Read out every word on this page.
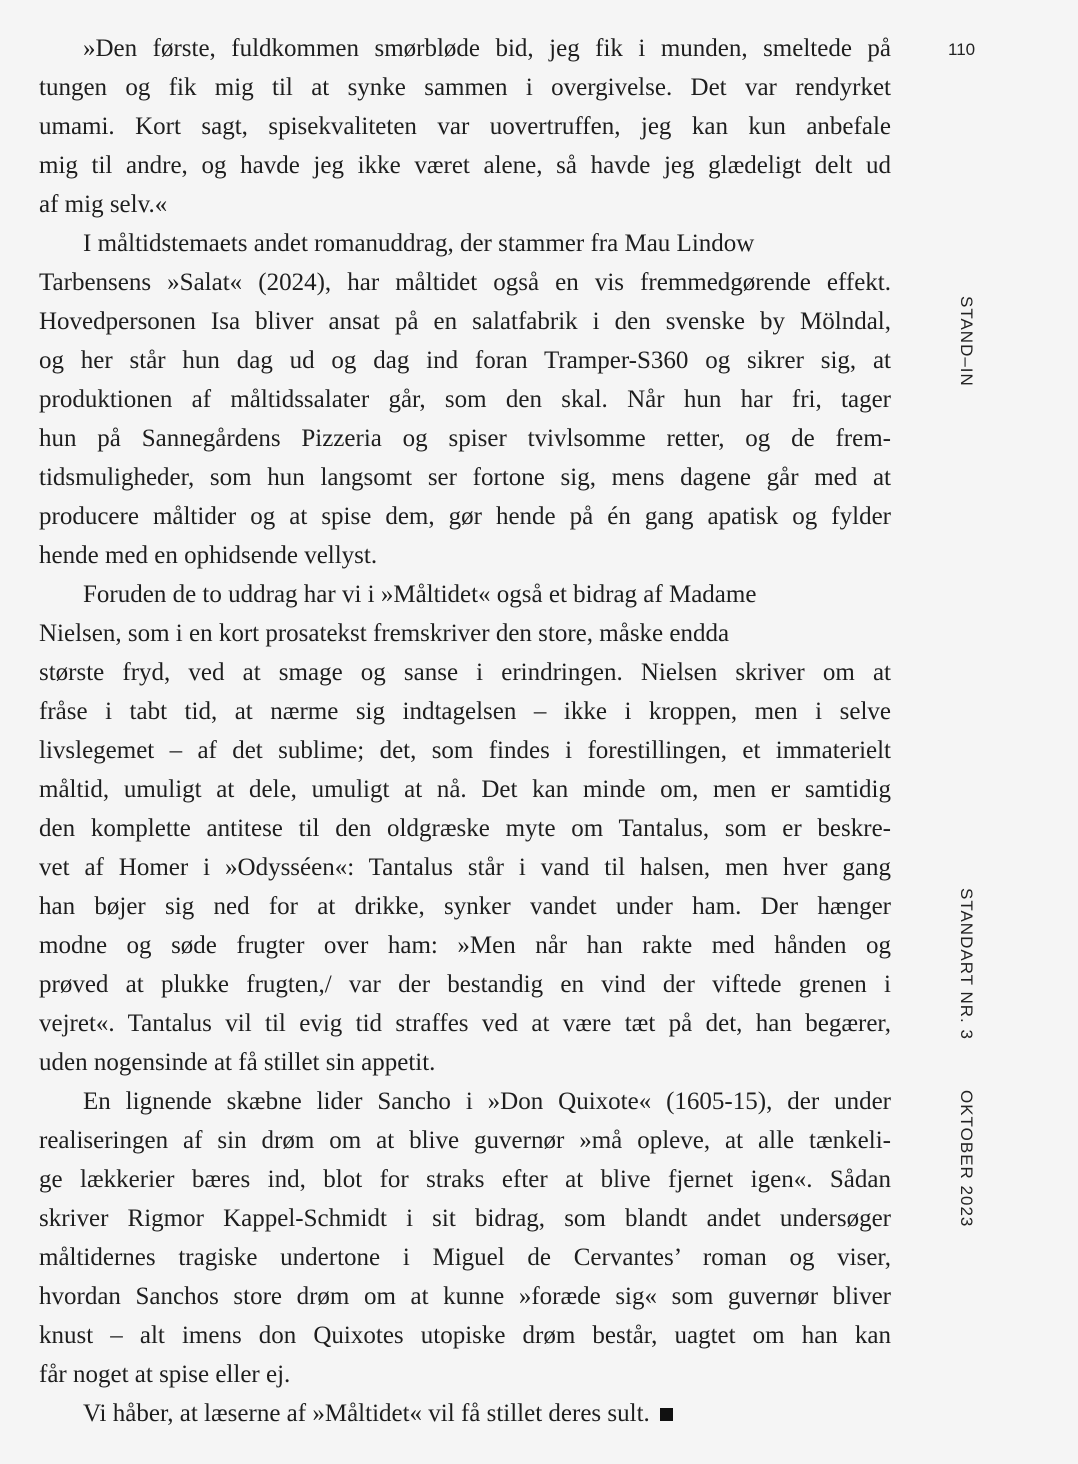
110
STAND–IN
STANDART NR. 3
OKTOBER 2023
»Den første, fuldkommen smørbløde bid, jeg fik i munden, smeltede på
tungen og fik mig til at synke sammen i overgivelse. Det var rendyrket
umami. Kort sagt, spisekvaliteten var uovertruffen, jeg kan kun anbefale
mig til andre, og havde jeg ikke været alene, så havde jeg glædeligt delt ud
af mig selv.«
I måltidstemaets andet romanuddrag, der stammer fra Mau Lindow
Tarbensens »Salat« (2024), har måltidet også en vis fremmedgørende effekt.
Hovedpersonen Isa bliver ansat på en salatfabrik i den svenske by Mölndal,
og her står hun dag ud og dag ind foran Tramper-S360 og sikrer sig, at
produktionen af måltidssalater går, som den skal. Når hun har fri, tager
hun på Sannegårdens Pizzeria og spiser tvivlsomme retter, og de frem-
tidsmuligheder, som hun langsomt ser fortone sig, mens dagene går med at
producere måltider og at spise dem, gør hende på én gang apatisk og fylder
hende med en ophidsende vellyst.
Foruden de to uddrag har vi i »Måltidet« også et bidrag af Madame
Nielsen, som i en kort prosatekst fremskriver den store, måske endda
største fryd, ved at smage og sanse i erindringen. Nielsen skriver om at
fråse i tabt tid, at nærme sig indtagelsen – ikke i kroppen, men i selve
livslegemet – af det sublime; det, som findes i forestillingen, et immaterielt
måltid, umuligt at dele, umuligt at nå. Det kan minde om, men er samtidig
den komplette antitese til den oldgræske myte om Tantalus, som er beskre-
vet af Homer i »Odysséen«: Tantalus står i vand til halsen, men hver gang
han bøjer sig ned for at drikke, synker vandet under ham. Der hænger
modne og søde frugter over ham: »Men når han rakte med hånden og
prøved at plukke frugten,/ var der bestandig en vind der viftede grenen i
vejret«. Tantalus vil til evig tid straffes ved at være tæt på det, han begærer,
uden nogensinde at få stillet sin appetit.
En lignende skæbne lider Sancho i »Don Quixote« (1605-15), der under
realiseringen af sin drøm om at blive guvernør »må opleve, at alle tænkeli-
ge lækkerier bæres ind, blot for straks efter at blive fjernet igen«. Sådan
skriver Rigmor Kappel-Schmidt i sit bidrag, som blandt andet undersøger
måltidernes tragiske undertone i Miguel de Cervantes’ roman og viser,
hvordan Sanchos store drøm om at kunne »foræde sig« som guvernør bliver
knust – alt imens don Quixotes utopiske drøm består, uagtet om han kan
får noget at spise eller ej.
Vi håber, at læserne af »Måltidet« vil få stillet deres sult.
